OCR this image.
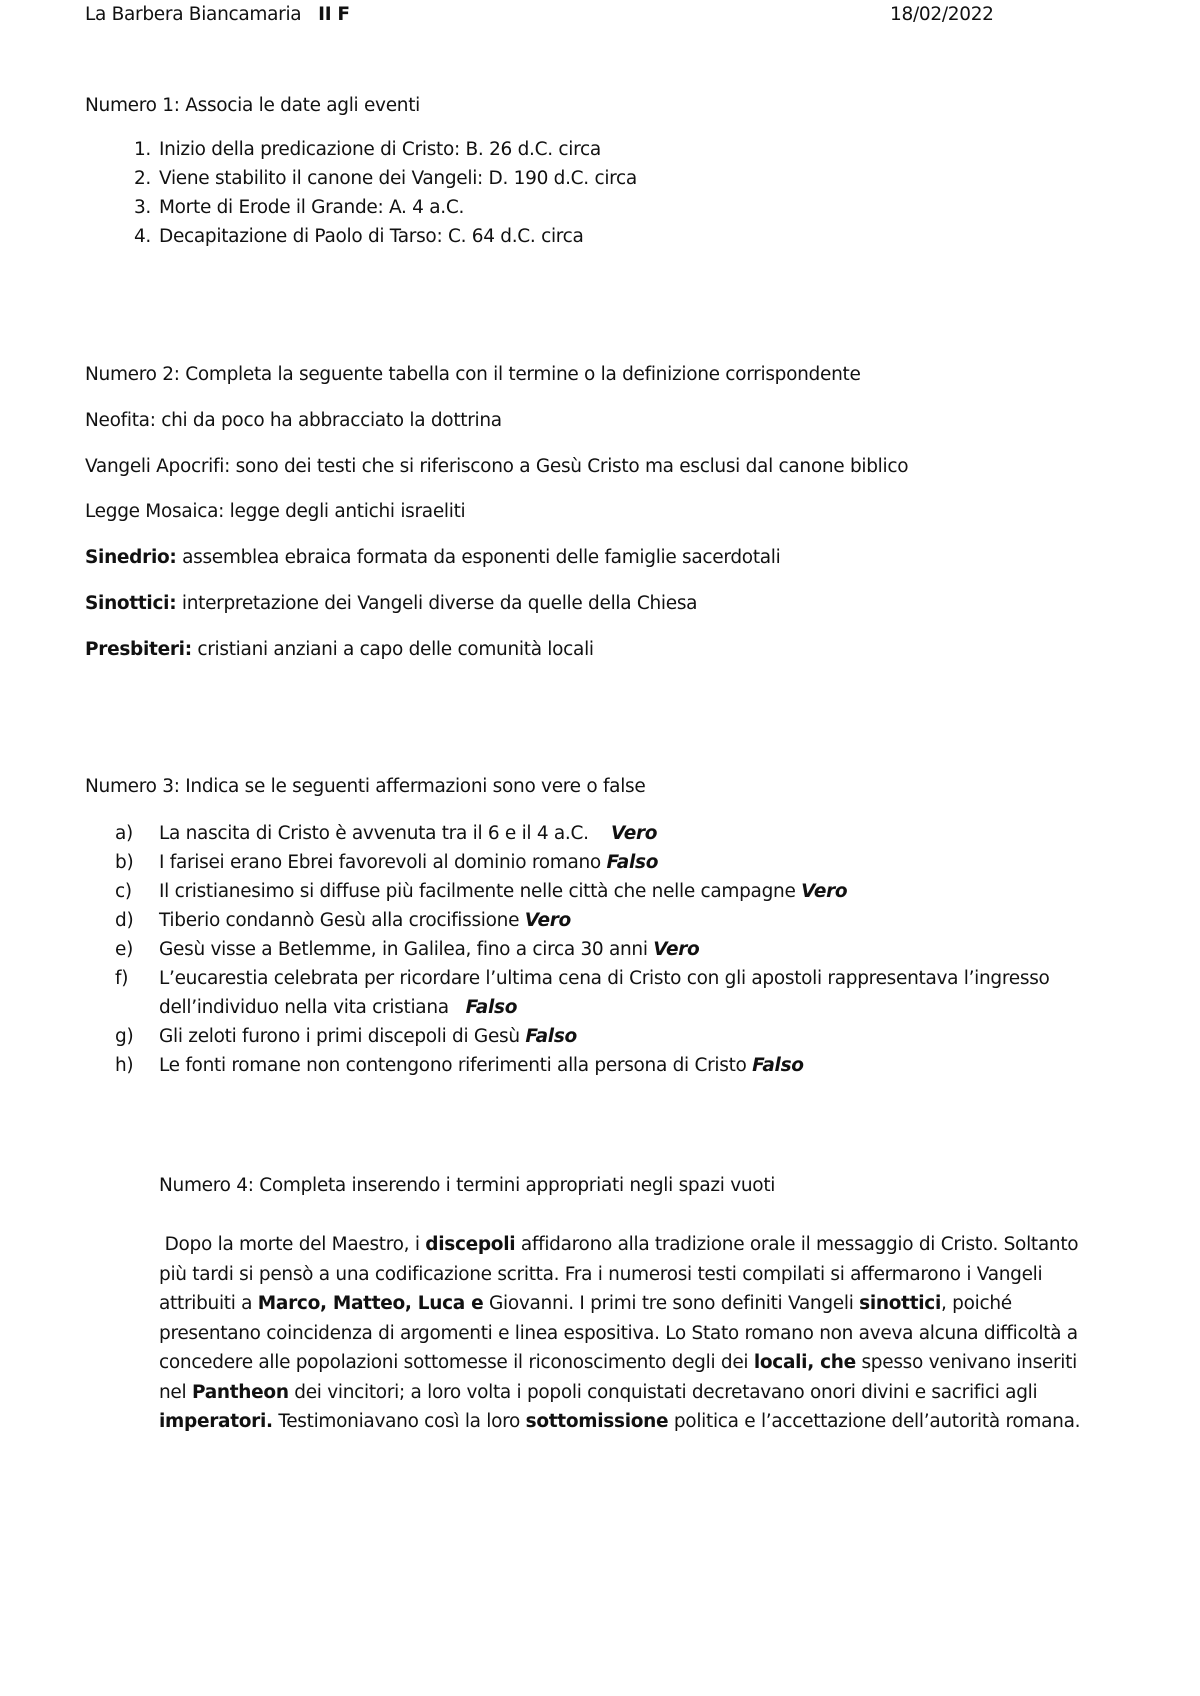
La Barbera Biancamaria II F	18/02/2022
Numero 1: Associa le date agli eventi
1. Inizio della predicazione di Cristo: B. 26 d.C. circa
2. Viene stabilito il canone dei Vangeli: D. 190 d.C. circa
3. Morte di Erode il Grande: A. 4 a.C.
4. Decapitazione di Paolo di Tarso: C. 64 d.C. circa
Numero 2: Completa la seguente tabella con il termine o la definizione corrispondente
Neofita: chi da poco ha abbracciato la dottrina
Vangeli Apocrifi: sono dei testi che si riferiscono a Gesù Cristo ma esclusi dal canone biblico
Legge Mosaica: legge degli antichi israeliti
Sinedrio: assemblea ebraica formata da esponenti delle famiglie sacerdotali
Sinottici: interpretazione dei Vangeli diverse da quelle della Chiesa
Presbiteri: cristiani anziani a capo delle comunità locali
Numero 3: Indica se le seguenti affermazioni sono vere o false
a)	La nascita di Cristo è avvenuta tra il 6 e il 4 a.C. Vero
b)	I farisei erano Ebrei favorevoli al dominio romano Falso
c)	Il cristianesimo si diffuse più facilmente nelle città che nelle campagne Vero
d)	Tiberio condannò Gesù alla crocifissione Vero
e)	Gesù visse a Betlemme, in Galilea, fino a circa 30 anni Vero
f)	L’eucarestia celebrata per ricordare l’ultima cena di Cristo con gli apostoli rappresentava l’ingresso dell’individuo nella vita cristiana Falso
g)	Gli zeloti furono i primi discepoli di Gesù Falso
h)	Le fonti romane non contengono riferimenti alla persona di Cristo Falso
Numero 4: Completa inserendo i termini appropriati negli spazi vuoti
Dopo la morte del Maestro, i discepoli affidarono alla tradizione orale il messaggio di Cristo. Soltanto più tardi si pensò a una codificazione scritta. Fra i numerosi testi compilati si affermarono i Vangeli attribuiti a Marco, Matteo, Luca e Giovanni. I primi tre sono definiti Vangeli sinottici, poiché presentano coincidenza di argomenti e linea espositiva. Lo Stato romano non aveva alcuna difficoltà a concedere alle popolazioni sottomesse il riconoscimento degli dei locali, che spesso venivano inseriti nel Pantheon dei vincitori; a loro volta i popoli conquistati decretavano onori divini e sacrifici agli imperatori. Testimoniavano così la loro sottomissione politica e l’accettazione dell’autorità romana.
